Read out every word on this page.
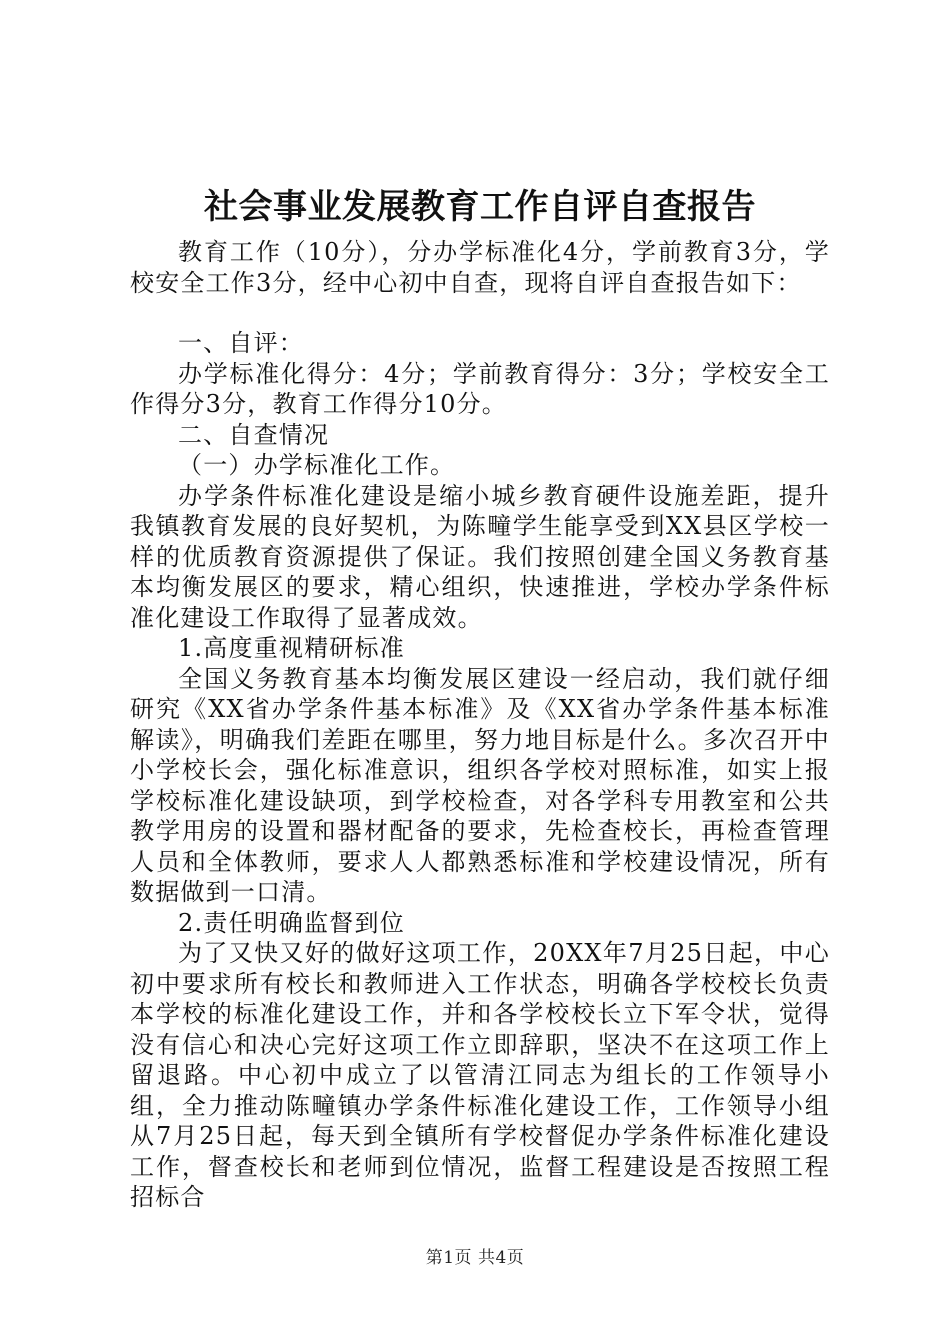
社会事业发展教育工作自评自查报告

教育工作（10分），分办学标准化4分，学前教育3分，学校安全工作3分，经中心初中自查，现将自评自查报告如下：

一、自评：

办学标准化得分：4分；学前教育得分：3分；学校安全工作得分3分，教育工作得分10分。

二、自查情况

（一）办学标准化工作。

办学条件标准化建设是缩小城乡教育硬件设施差距，提升我镇教育发展的良好契机，为陈疃学生能享受到XX县区学校一样的优质教育资源提供了保证。我们按照创建全国义务教育基本均衡发展区的要求，精心组织，快速推进，学校办学条件标准化建设工作取得了显著成效。

1.高度重视精研标准

全国义务教育基本均衡发展区建设一经启动，我们就仔细研究《XX省办学条件基本标准》及《XX省办学条件基本标准解读》，明确我们差距在哪里，努力地目标是什么。多次召开中小学校长会，强化标准意识，组织各学校对照标准，如实上报学校标准化建设缺项，到学校检查，对各学科专用教室和公共教学用房的设置和器材配备的要求，先检查校长，再检查管理人员和全体教师，要求人人都熟悉标准和学校建设情况，所有数据做到一口清。

2.责任明确监督到位

为了又快又好的做好这项工作，20XX年7月25日起，中心初中要求所有校长和教师进入工作状态，明确各学校校长负责本学校的标准化建设工作，并和各学校校长立下军令状，觉得没有信心和决心完好这项工作立即辞职，坚决不在这项工作上留退路。中心初中成立了以管清江同志为组长的工作领导小组，全力推动陈疃镇办学条件标准化建设工作，工作领导小组从7月25日起，每天到全镇所有学校督促办学条件标准化建设工作，督查校长和老师到位情况，监督工程建设是否按照工程招标合

第1页 共4页
